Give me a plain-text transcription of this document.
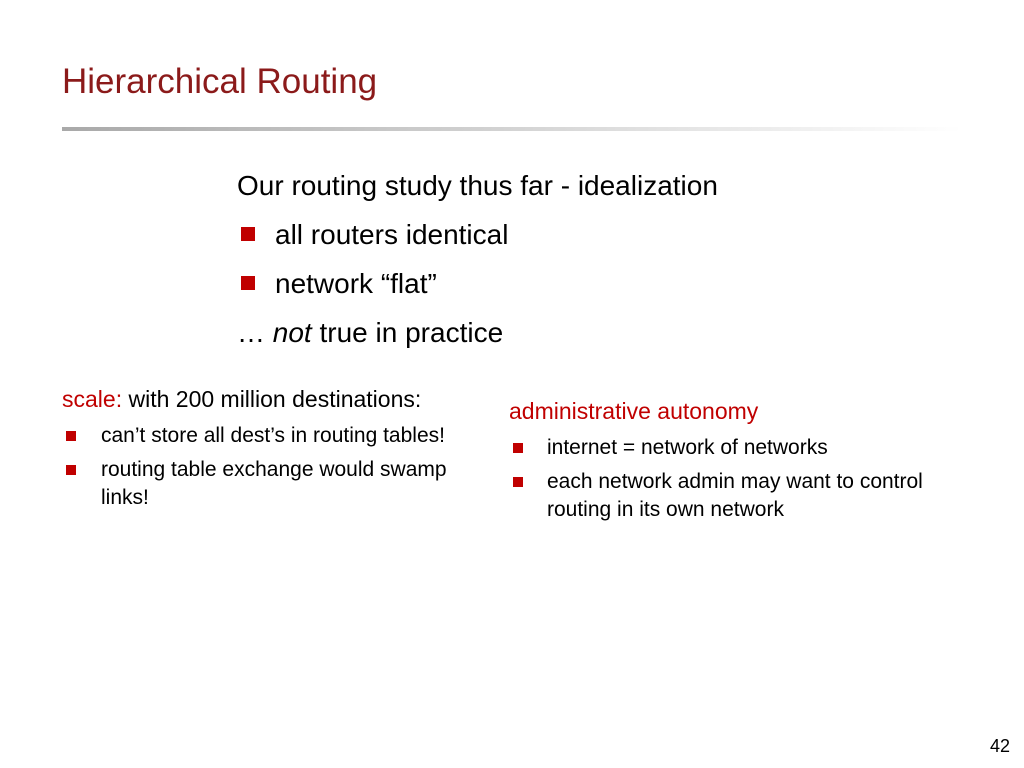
Hierarchical Routing
Our routing study thus far - idealization
all routers identical
network “flat”
… not true in practice
scale: with 200 million destinations:
can’t store all dest’s in routing tables!
routing table exchange would swamp links!
administrative autonomy
internet = network of networks
each network admin may want to control routing in its own network
42
